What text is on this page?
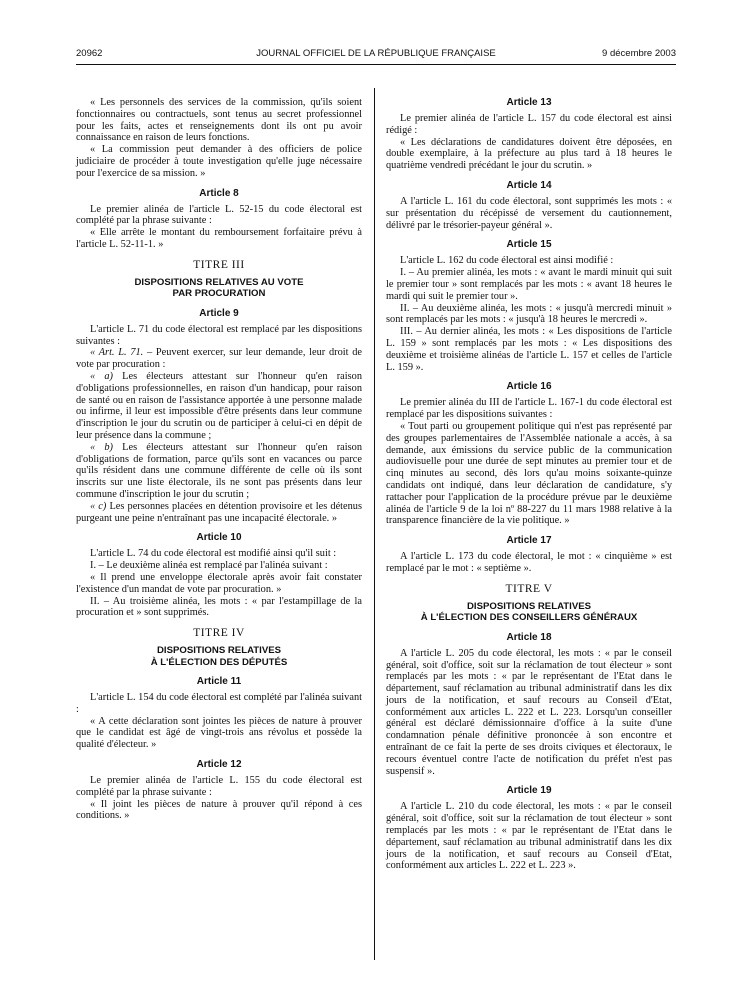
20962	JOURNAL OFFICIEL DE LA RÉPUBLIQUE FRANÇAISE	9 décembre 2003

« Les personnels des services de la commission, qu'ils soient fonctionnaires ou contractuels, sont tenus au secret professionnel pour les faits, actes et renseignements dont ils ont pu avoir connaissance en raison de leurs fonctions.

« La commission peut demander à des officiers de police judiciaire de procéder à toute investigation qu'elle juge nécessaire pour l'exercice de sa mission. »

Article 8

Le premier alinéa de l'article L. 52-15 du code électoral est complété par la phrase suivante :

« Elle arrête le montant du remboursement forfaitaire prévu à l'article L. 52-11-1. »

TITRE III

DISPOSITIONS RELATIVES AU VOTE
PAR PROCURATION

Article 9

L'article L. 71 du code électoral est remplacé par les dispositions suivantes :

« Art. L. 71. – Peuvent exercer, sur leur demande, leur droit de vote par procuration :

« a) Les électeurs attestant sur l'honneur qu'en raison d'obligations professionnelles, en raison d'un handicap, pour raison de santé ou en raison de l'assistance apportée à une personne malade ou infirme, il leur est impossible d'être présents dans leur commune d'inscription le jour du scrutin ou de participer à celui-ci en dépit de leur présence dans la commune ;

« b) Les électeurs attestant sur l'honneur qu'en raison d'obligations de formation, parce qu'ils sont en vacances ou parce qu'ils résident dans une commune différente de celle où ils sont inscrits sur une liste électorale, ils ne sont pas présents dans leur commune d'inscription le jour du scrutin ;

« c) Les personnes placées en détention provisoire et les détenus purgeant une peine n'entraînant pas une incapacité électorale. »

Article 10

L'article L. 74 du code électoral est modifié ainsi qu'il suit :

I. – Le deuxième alinéa est remplacé par l'alinéa suivant :

« Il prend une enveloppe électorale après avoir fait constater l'existence d'un mandat de vote par procuration. »

II. – Au troisième alinéa, les mots : « par l'estampillage de la procuration et » sont supprimés.

TITRE IV

DISPOSITIONS RELATIVES
À L'ÉLECTION DES DÉPUTÉS

Article 11

L'article L. 154 du code électoral est complété par l'alinéa suivant :

« A cette déclaration sont jointes les pièces de nature à prouver que le candidat est âgé de vingt-trois ans révolus et possède la qualité d'électeur. »

Article 12

Le premier alinéa de l'article L. 155 du code électoral est complété par la phrase suivante :

« Il joint les pièces de nature à prouver qu'il répond à ces conditions. »

Article 13

Le premier alinéa de l'article L. 157 du code électoral est ainsi rédigé :

« Les déclarations de candidatures doivent être déposées, en double exemplaire, à la préfecture au plus tard à 18 heures le quatrième vendredi précédant le jour du scrutin. »

Article 14

A l'article L. 161 du code électoral, sont supprimés les mots : « sur présentation du récépissé de versement du cautionnement, délivré par le trésorier-payeur général ».

Article 15

L'article L. 162 du code électoral est ainsi modifié :

I. – Au premier alinéa, les mots : « avant le mardi minuit qui suit le premier tour » sont remplacés par les mots : « avant 18 heures le mardi qui suit le premier tour ».

II. – Au deuxième alinéa, les mots : « jusqu'à mercredi minuit » sont remplacés par les mots : « jusqu'à 18 heures le mercredi ».

III. – Au dernier alinéa, les mots : « Les dispositions de l'article L. 159 » sont remplacés par les mots : « Les dispositions des deuxième et troisième alinéas de l'article L. 157 et celles de l'article L. 159 ».

Article 16

Le premier alinéa du III de l'article L. 167-1 du code électoral est remplacé par les dispositions suivantes :

« Tout parti ou groupement politique qui n'est pas représenté par des groupes parlementaires de l'Assemblée nationale a accès, à sa demande, aux émissions du service public de la communication audiovisuelle pour une durée de sept minutes au premier tour et de cinq minutes au second, dès lors qu'au moins soixante-quinze candidats ont indiqué, dans leur déclaration de candidature, s'y rattacher pour l'application de la procédure prévue par le deuxième alinéa de l'article 9 de la loi nº 88-227 du 11 mars 1988 relative à la transparence financière de la vie politique. »

Article 17

A l'article L. 173 du code électoral, le mot : « cinquième » est remplacé par le mot : « septième ».

TITRE V

DISPOSITIONS RELATIVES
À L'ÉLECTION DES CONSEILLERS GÉNÉRAUX

Article 18

A l'article L. 205 du code électoral, les mots : « par le conseil général, soit d'office, soit sur la réclamation de tout électeur » sont remplacés par les mots : « par le représentant de l'Etat dans le département, sauf réclamation au tribunal administratif dans les dix jours de la notification, et sauf recours au Conseil d'Etat, conformément aux articles L. 222 et L. 223. Lorsqu'un conseiller général est déclaré démissionnaire d'office à la suite d'une condamnation pénale définitive prononcée à son encontre et entraînant de ce fait la perte de ses droits civiques et électoraux, le recours éventuel contre l'acte de notification du préfet n'est pas suspensif ».

Article 19

A l'article L. 210 du code électoral, les mots : « par le conseil général, soit d'office, soit sur la réclamation de tout électeur » sont remplacés par les mots : « par le représentant de l'Etat dans le département, sauf réclamation au tribunal administratif dans les dix jours de la notification, et sauf recours au Conseil d'Etat, conformément aux articles L. 222 et L. 223 ».
